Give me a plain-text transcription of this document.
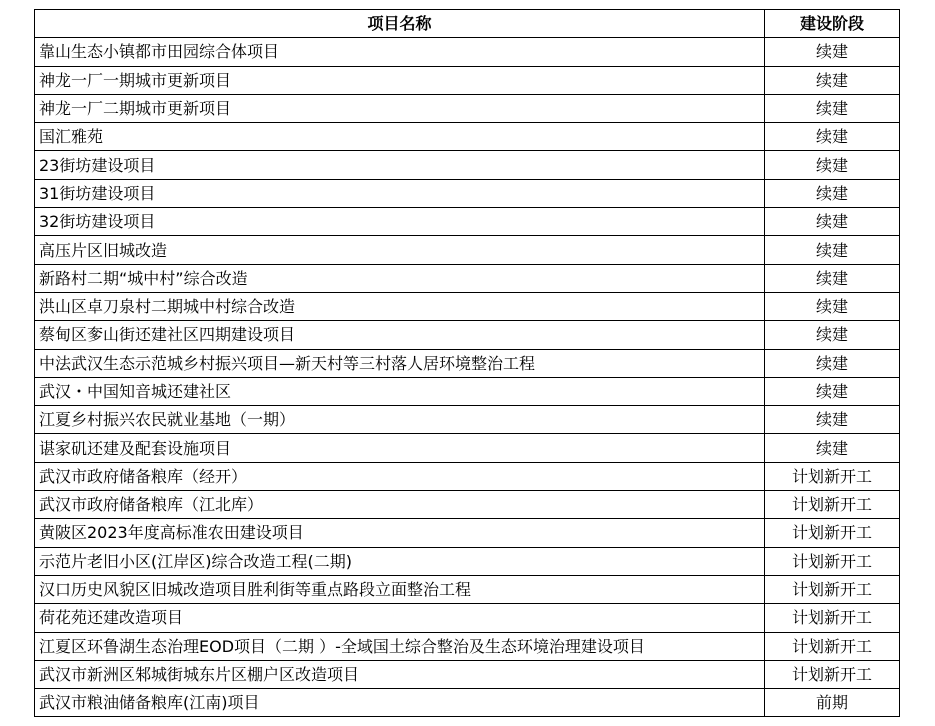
项目名称	建设阶段
靠山生态小镇都市田园综合体项目	续建
神龙一厂一期城市更新项目	续建
神龙一厂二期城市更新项目	续建
国汇雅苑	续建
23街坊建设项目	续建
31街坊建设项目	续建
32街坊建设项目	续建
高压片区旧城改造	续建
新路村二期“城中村”综合改造	续建
洪山区卓刀泉村二期城中村综合改造	续建
蔡甸区奓山街还建社区四期建设项目	续建
中法武汉生态示范城乡村振兴项目—新天村等三村落人居环境整治工程	续建
武汉・中国知音城还建社区	续建
江夏乡村振兴农民就业基地（一期）	续建
谌家矶还建及配套设施项目	续建
武汉市政府储备粮库（经开）	计划新开工
武汉市政府储备粮库（江北库）	计划新开工
黄陂区2023年度高标准农田建设项目	计划新开工
示范片老旧小区(江岸区)综合改造工程(二期)	计划新开工
汉口历史风貌区旧城改造项目胜利街等重点路段立面整治工程	计划新开工
荷花苑还建改造项目	计划新开工
江夏区环鲁湖生态治理EOD项目（二期 ）-全域国土综合整治及生态环境治理建设项目	计划新开工
武汉市新洲区邾城街城东片区棚户区改造项目	计划新开工
武汉市粮油储备粮库(江南)项目	前期
